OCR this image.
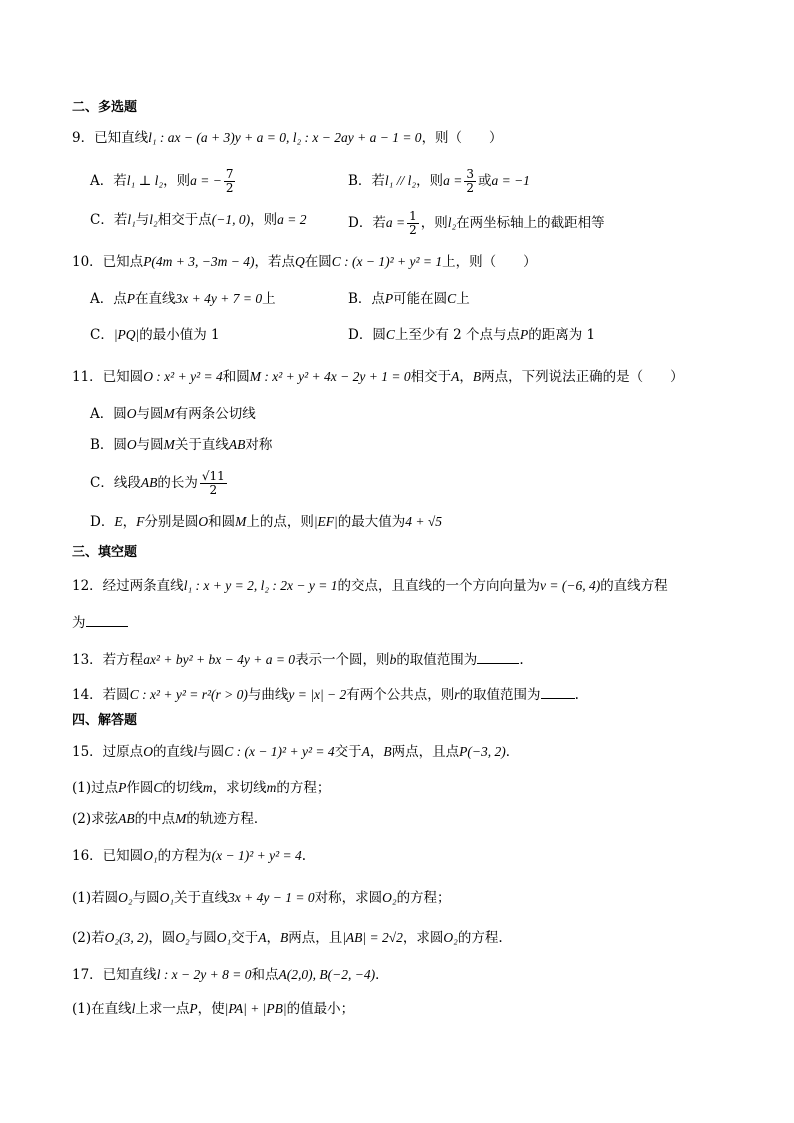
二、多选题
9．已知直线l₁ : ax − (a + 3)y + a = 0, l₂ : x − 2ay + a − 1 = 0，则（　　）
A．若l₁ ⊥ l₂，则a = − $\frac{7}{2}$	B．若l₁ // l₂，则$a = \frac{3}{2}$ 或a = −1
C．若l₁与l₂相交于点(−1, 0)，则a = 2	D．若$a = \frac{1}{2}$ ，则l₂在两坐标轴上的截距相等
10．已知点P(4m + 3, −3m − 4)，若点Q在圆C : (x − 1)² + y² = 1上，则（　　）
A．点P在直线3x + 4y + 7 = 0上	B．点P可能在圆C上
C．|PQ|的最小值为 1	D．圆C上至少有 2 个点与点P的距离为 1
11．已知圆O : x² + y² = 4和圆M : x² + y² + 4x − 2y + 1 = 0相交于A，B两点，下列说法正确的是（　　）
A．圆O与圆M有两条公切线
B．圆O与圆M关于直线AB对称
C．线段AB的长为 $\frac{√11}{2}$
D．E，F分别是圆O和圆M上的点，则|EF|的最大值为4 + √5
三、填空题
12．经过两条直线l₁ : x + y = 2, l₂ : 2x − y = 1的交点，且直线的一个方向向量为v = (−6, 4)的直线方程
为
13．若方程ax² + by² + bx − 4y + a = 0表示一个圆，则b的取值范围为	.
14．若圆C : x² + y² = r²(r > 0)与曲线y = |x| − 2有两个公共点，则r的取值范围为	.
四、解答题
15．过原点O的直线l与圆C : (x − 1)² + y² = 4交于A，B两点，且点P(−3, 2)．
(1)过点P作圆C的切线m，求切线m的方程；
(2)求弦AB的中点M的轨迹方程．
16．已知圆O₁的方程为(x − 1)² + y² = 4.
(1)若圆O₂与圆O₁关于直线3x + 4y − 1 = 0对称，求圆O₂的方程；
(2)若O₂(3, 2)，圆O₂与圆O₁交于A，B两点，且|AB| = 2√2，求圆O₂的方程.
17．已知直线l : x − 2y + 8 = 0和点A(2,0), B(−2, −4)．
(1)在直线l上求一点P，使|PA| + |PB|的值最小；
